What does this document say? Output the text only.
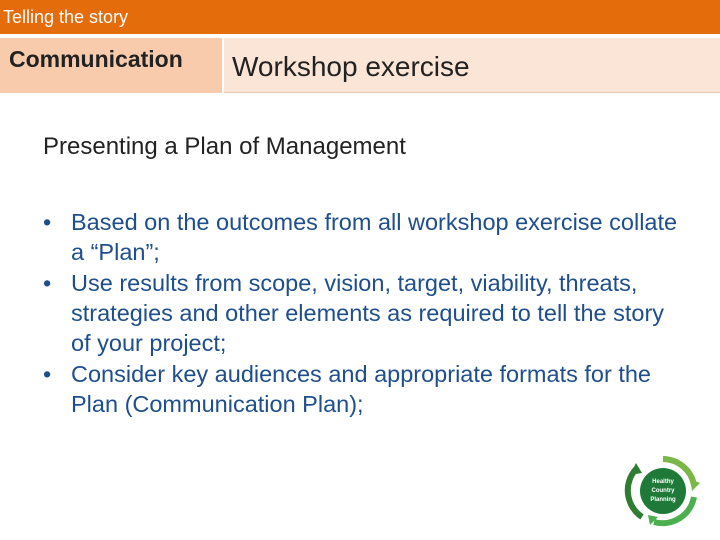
Telling the story
Communication Workshop exercise
Presenting a Plan of Management
• Based on the outcomes from all workshop exercise collate a “Plan”;
• Use results from scope, vision, target, viability, threats, strategies and other elements as required to tell the story of your project;
• Consider key audiences and appropriate formats for the Plan (Communication Plan);
Healthy
Country
Planning
